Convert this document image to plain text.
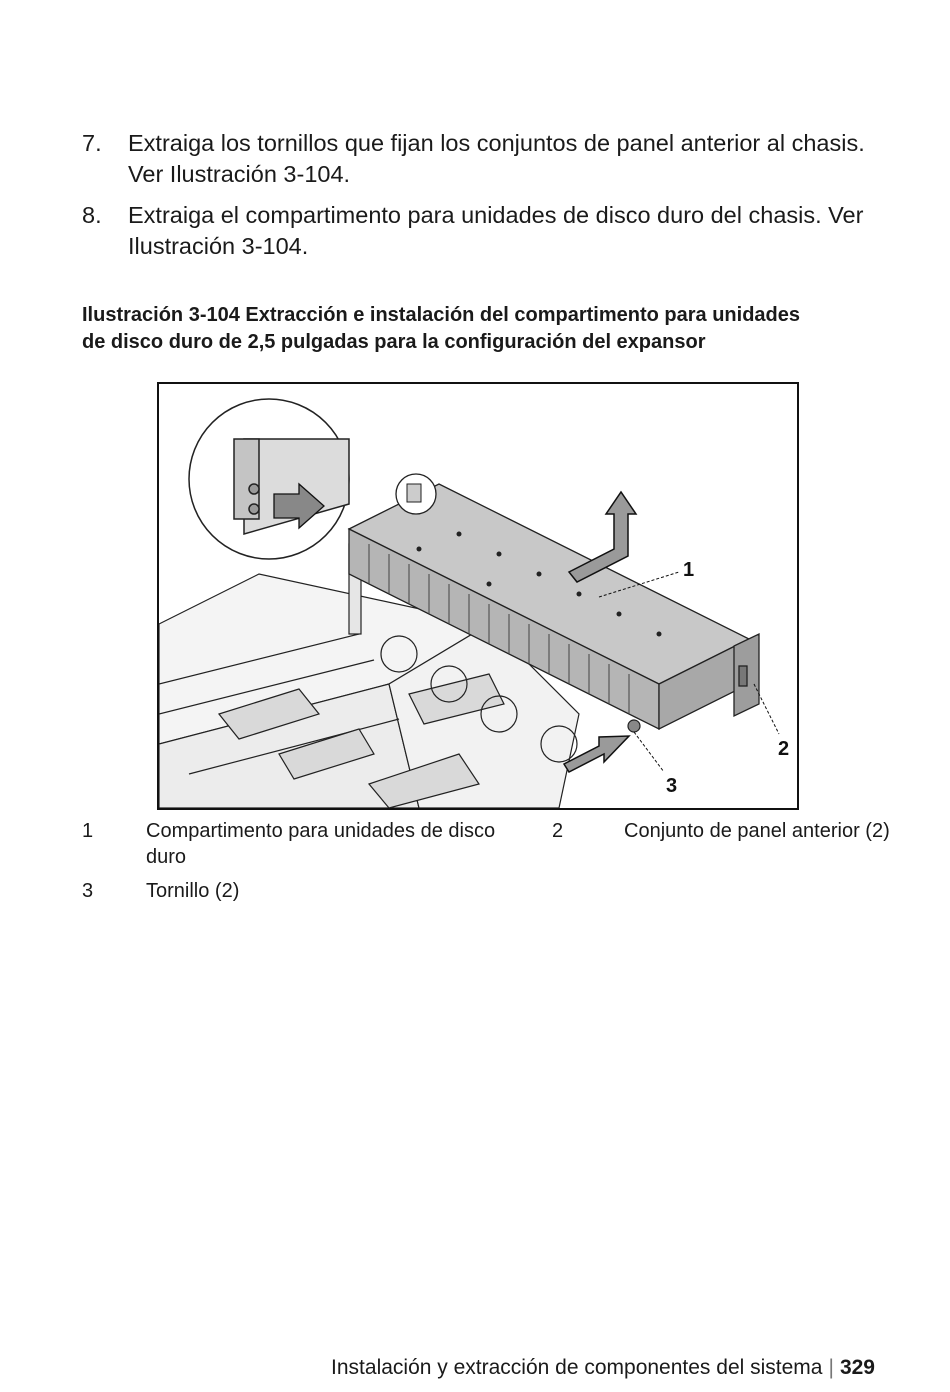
7. Extraiga los tornillos que fijan los conjuntos de panel anterior al chasis. Ver Ilustración 3-104.
8. Extraiga el compartimento para unidades de disco duro del chasis. Ver Ilustración 3-104.
Ilustración 3-104 Extracción e instalación del compartimento para unidades de disco duro de 2,5 pulgadas para la configuración del expansor
1
2
3
1	Compartimento para unidades de disco duro
2	Conjunto de panel anterior (2)
3	Tornillo (2)
Instalación y extracción de componentes del sistema | 329
